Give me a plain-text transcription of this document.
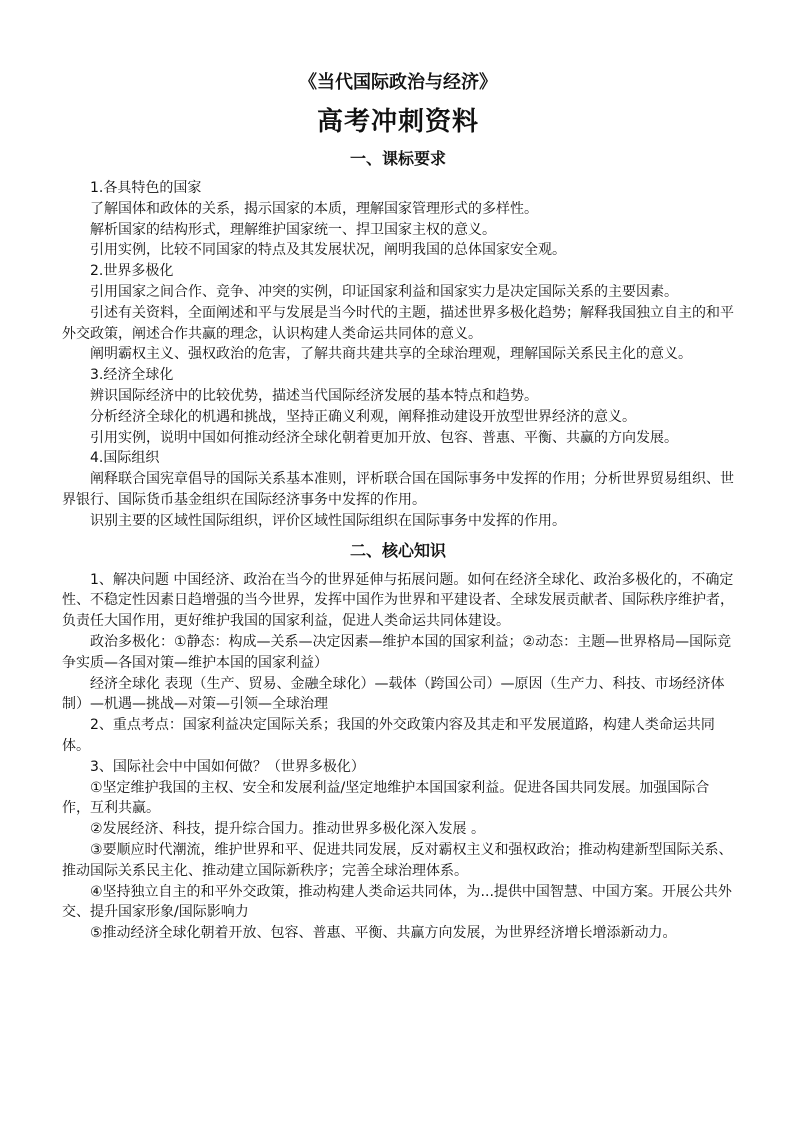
《当代国际政治与经济》

高考冲刺资料

一、课标要求

1.各具特色的国家

了解国体和政体的关系，揭示国家的本质，理解国家管理形式的多样性。

解析国家的结构形式，理解维护国家统一、捍卫国家主权的意义。

引用实例，比较不同国家的特点及其发展状况，阐明我国的总体国家安全观。

2.世界多极化

引用国家之间合作、竞争、冲突的实例，印证国家利益和国家实力是决定国际关系的主要因素。

引述有关资料，全面阐述和平与发展是当今时代的主题，描述世界多极化趋势；解释我国独立自主的和平外交政策，阐述合作共赢的理念，认识构建人类命运共同体的意义。

阐明霸权主义、强权政治的危害，了解共商共建共享的全球治理观，理解国际关系民主化的意义。

3.经济全球化

辨识国际经济中的比较优势，描述当代国际经济发展的基本特点和趋势。

分析经济全球化的机遇和挑战，坚持正确义利观，阐释推动建设开放型世界经济的意义。

引用实例，说明中国如何推动经济全球化朝着更加开放、包容、普惠、平衡、共赢的方向发展。

4.国际组织

阐释联合国宪章倡导的国际关系基本准则，评析联合国在国际事务中发挥的作用；分析世界贸易组织、世界银行、国际货币基金组织在国际经济事务中发挥的作用。

识别主要的区域性国际组织，评价区域性国际组织在国际事务中发挥的作用。

二、核心知识

1、解决问题 中国经济、政治在当今的世界延伸与拓展问题。如何在经济全球化、政治多极化的，不确定性、不稳定性因素日趋增强的当今世界，发挥中国作为世界和平建设者、全球发展贡献者、国际秩序维护者，负责任大国作用，更好维护我国的国家利益，促进人类命运共同体建设。

政治多极化：①静态：构成—关系—决定因素—维护本国的国家利益；②动态：主题—世界格局—国际竞争实质—各国对策—维护本国的国家利益）

经济全球化 表现（生产、贸易、金融全球化）—载体（跨国公司）—原因（生产力、科技、市场经济体制）—机遇—挑战—对策—引领—全球治理

2、重点考点：国家利益决定国际关系；我国的外交政策内容及其走和平发展道路，构建人类命运共同体。

3、国际社会中中国如何做？（世界多极化）

①坚定维护我国的主权、安全和发展利益/坚定地维护本国国家利益。促进各国共同发展。加强国际合作，互利共赢。

②发展经济、科技，提升综合国力。推动世界多极化深入发展 。

③要顺应时代潮流，维护世界和平、促进共同发展，反对霸权主义和强权政治；推动构建新型国际关系、推动国际关系民主化、推动建立国际新秩序；完善全球治理体系。

④坚持独立自主的和平外交政策，推动构建人类命运共同体，为...提供中国智慧、中国方案。开展公共外交、提升国家形象/国际影响力

⑤推动经济全球化朝着开放、包容、普惠、平衡、共赢方向发展，为世界经济增长增添新动力。
